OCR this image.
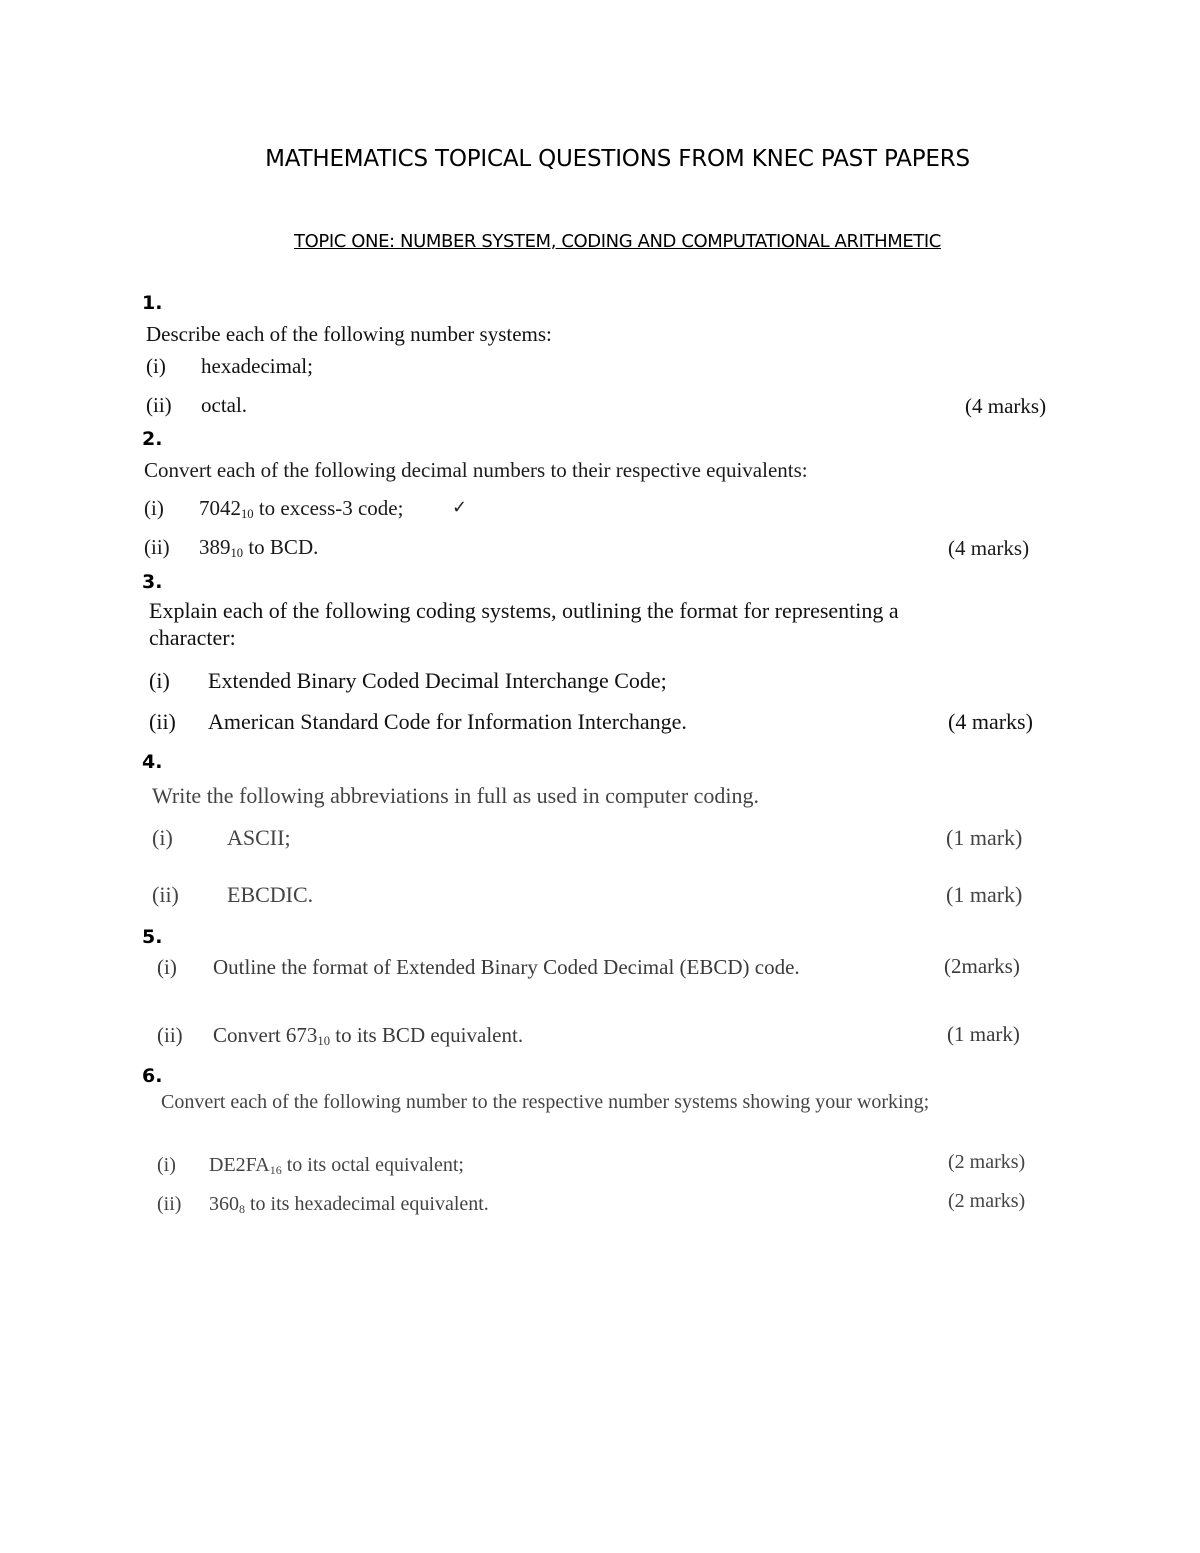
MATHEMATICS TOPICAL QUESTIONS FROM KNEC PAST PAPERS
TOPIC ONE: NUMBER SYSTEM, CODING AND COMPUTATIONAL ARITHMETIC
1.
Describe each of the following number systems:
(i) hexadecimal;
(ii) octal.	(4 marks)
2.
Convert each of the following decimal numbers to their respective equivalents:
(i) $7042_{10}$ to excess-3 code;	✓
(ii) $389_{10}$ to BCD.	(4 marks)
3.
Explain each of the following coding systems, outlining the format for representing a
character:
(i) Extended Binary Coded Decimal Interchange Code;
(ii) American Standard Code for Information Interchange.	(4 marks)
4.
Write the following abbreviations in full as used in computer coding.
(i) ASCII;	(1 mark)
(ii) EBCDIC.	(1 mark)
5.
(i) Outline the format of Extended Binary Coded Decimal (EBCD) code.	(2marks)
(ii) Convert $673_{10}$ to its BCD equivalent.	(1 mark)
6.
Convert each of the following number to the respective number systems showing your working;
(i) $DE2FA_{16}$ to its octal equivalent;	(2 marks)
(ii) $360_8$ to its hexadecimal equivalent.	(2 marks)
